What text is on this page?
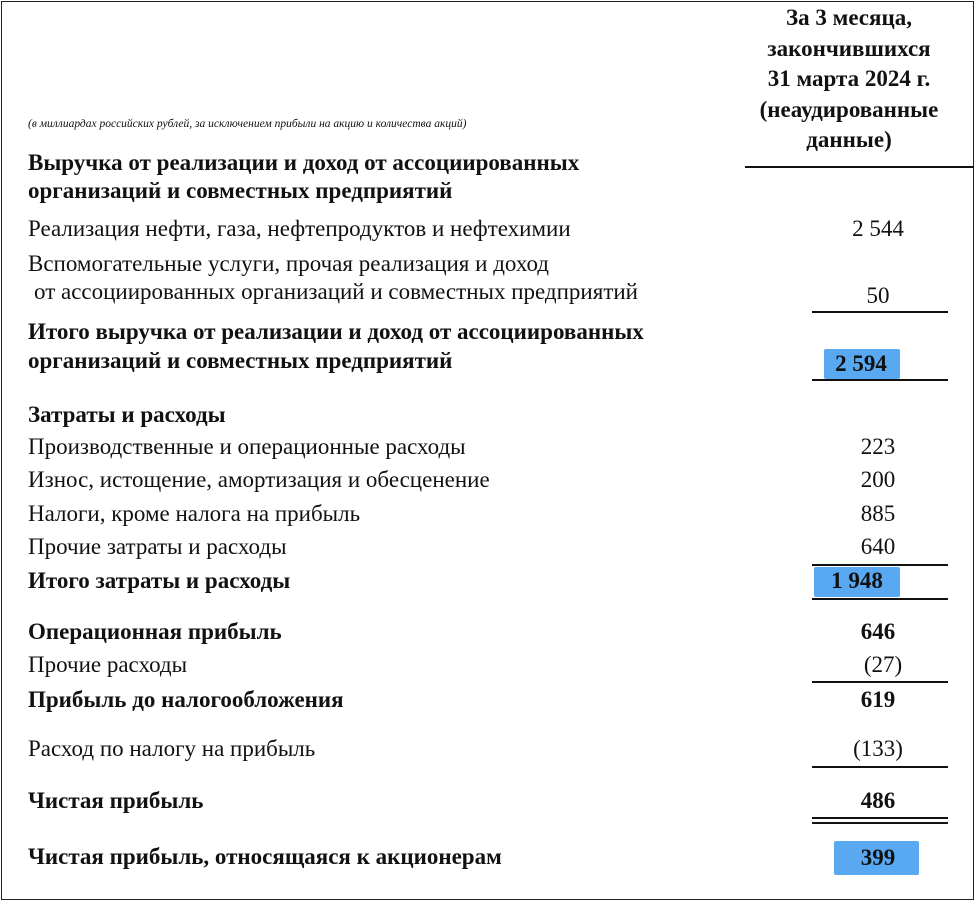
За 3 месяца,
закончившихся
31 марта 2024 г.
(неаудированные
данные)
(в миллиардах российских рублей, за исключением прибыли на акцию и количества акций)
Выручка от реализации и доход от ассоциированных
организаций и совместных предприятий
Реализация нефти, газа, нефтепродуктов и нефтехимии	2 544
Вспомогательные услуги, прочая реализация и доход
от ассоциированных организаций и совместных предприятий	50
Итого выручка от реализации и доход от ассоциированных
организаций и совместных предприятий	2 594
Затраты и расходы
Производственные и операционные расходы	223
Износ, истощение, амортизация и обесценение	200
Налоги, кроме налога на прибыль	885
Прочие затраты и расходы	640
Итого затраты и расходы	1 948
Операционная прибыль	646
Прочие расходы	(27)
Прибыль до налогообложения	619
Расход по налогу на прибыль	(133)
Чистая прибыль	486
Чистая прибыль, относящаяся к акционерам	399
